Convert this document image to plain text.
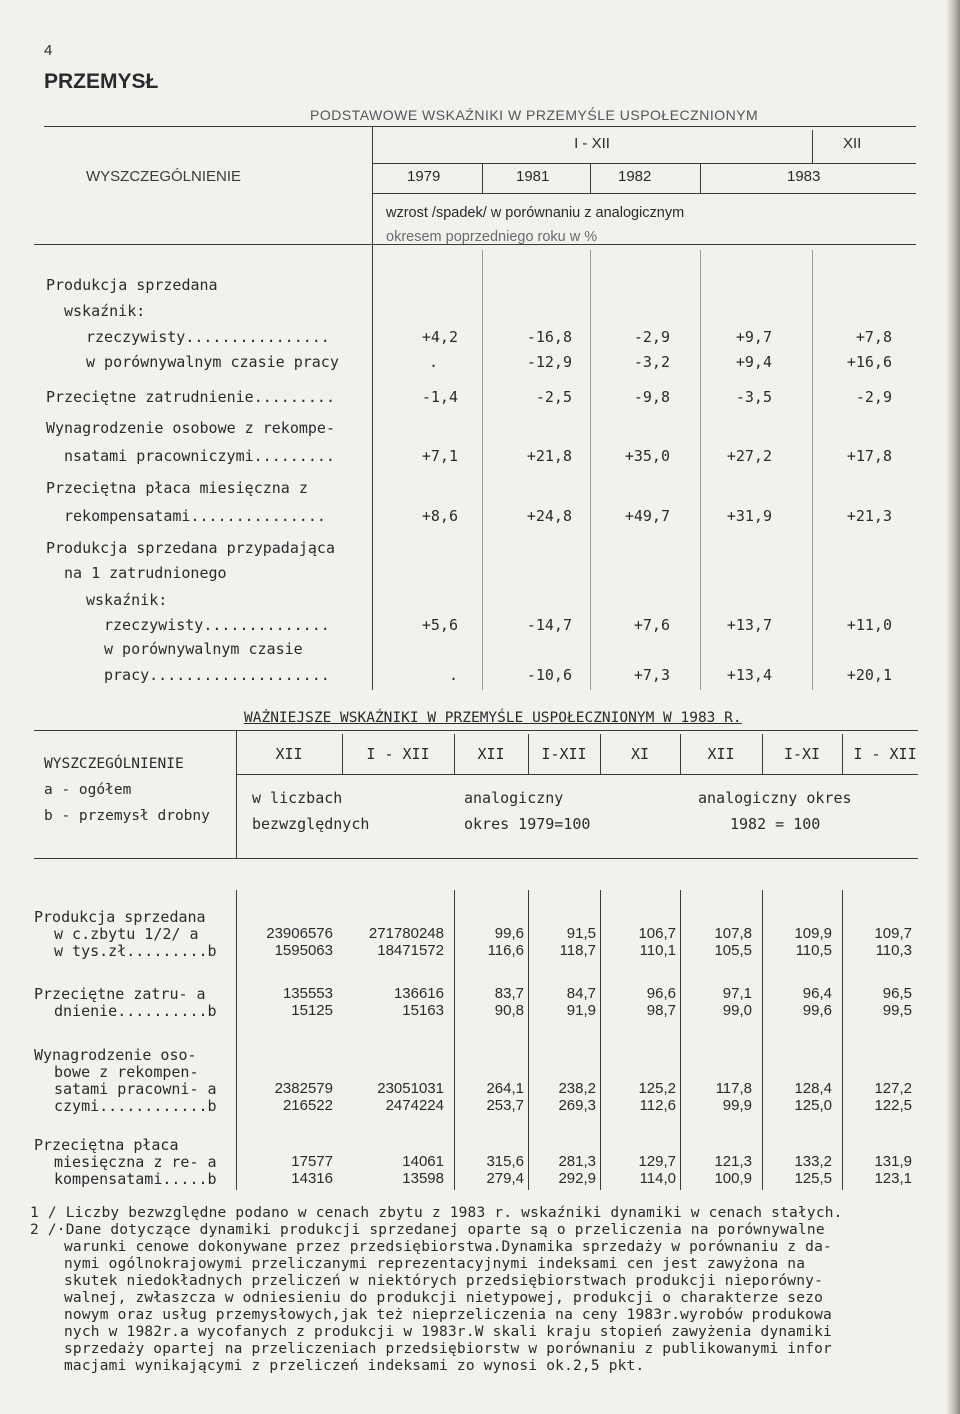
4
PRZEMYSŁ
PODSTAWOWE WSKAŹNIKI W PRZEMYŚLE USPOŁECZNIONYM
I - XII	XII
WYSZCZEGÓLNIENIE	1979	1981	1982	1983
wzrost /spadek/ w porównaniu z analogicznym
okresem poprzedniego roku w %
Produkcja sprzedana
wskaźnik:
rzeczywisty................	+4,2	-16,8	-2,9	+9,7	+7,8
w porównywalnym czasie pracy	.	-12,9	-3,2	+9,4	+16,6
Przeciętne zatrudnienie.........	-1,4	-2,5	-9,8	-3,5	-2,9
Wynagrodzenie osobowe z rekompe-
nsatami pracowniczymi.........	+7,1	+21,8	+35,0	+27,2	+17,8
Przeciętna płaca miesięczna z
rekompensatami...............	+8,6	+24,8	+49,7	+31,9	+21,3
Produkcja sprzedana przypadająca
na 1 zatrudnionego
wskaźnik:
rzeczywisty..............	+5,6	-14,7	+7,6	+13,7	+11,0
w porównywalnym czasie
pracy....................	.	-10,6	+7,3	+13,4	+20,1
WAŻNIEJSZE WSKAŹNIKI W PRZEMYŚLE USPOŁECZNIONYM W 1983 R.
WYSZCZEGÓLNIENIE
a - ogółem
b - przemysł drobny
XII	I - XII	XII	I-XII	XI	XII	I-XI	I - XII
w liczbach
bezwzględnych
analogiczny
okres 1979=100
analogiczny okres
1982 = 100
Produkcja sprzedana
w c.zbytu 1/2/ a
w tys.zł.........b
23906576	271780248	99,6	91,5	106,7	107,8	109,9	109,7
1595063	18471572	116,6	118,7	110,1	105,5	110,5	110,3
Przeciętne zatru- a
dnienie..........b
135553	136616	83,7	84,7	96,6	97,1	96,4	96,5
15125	15163	90,8	91,9	98,7	99,0	99,6	99,5
Wynagrodzenie oso-
bowe z rekompen-
satami pracowni- a
czymi............b
2382579	23051031	264,1	238,2	125,2	117,8	128,4	127,2
216522	2474224	253,7	269,3	112,6	99,9	125,0	122,5
Przeciętna płaca
miesięczna z re- a
kompensatami.....b
17577	14061	315,6	281,3	129,7	121,3	133,2	131,9
14316	13598	279,4	292,9	114,0	100,9	125,5	123,1
1 / Liczby bezwzględne podano w cenach zbytu z 1983 r. wskaźniki dynamiki w cenach stałych.
2 /·Dane dotyczące dynamiki produkcji sprzedanej oparte są o przeliczenia na porównywalne
warunki cenowe dokonywane przez przedsiębiorstwa.Dynamika sprzedaży w porównaniu z da-
nymi ogólnokrajowymi przeliczanymi reprezentacyjnymi indeksami cen jest zawyżona na
skutek niedokładnych przeliczeń w niektórych przedsiębiorstwach produkcji nieporówny-
walnej, zwłaszcza w odniesieniu do produkcji nietypowej, produkcji o charakterze sezo
nowym oraz usług przemysłowych,jak też nieprzeliczenia na ceny 1983r.wyrobów produkowa
nych w 1982r.a wycofanych z produkcji w 1983r.W skali kraju stopień zawyżenia dynamiki
sprzedaży opartej na przeliczeniach przedsiębiorstw w porównaniu z publikowanymi infor
macjami wynikającymi z przeliczeń indeksami zo wynosi ok.2,5 pkt.
